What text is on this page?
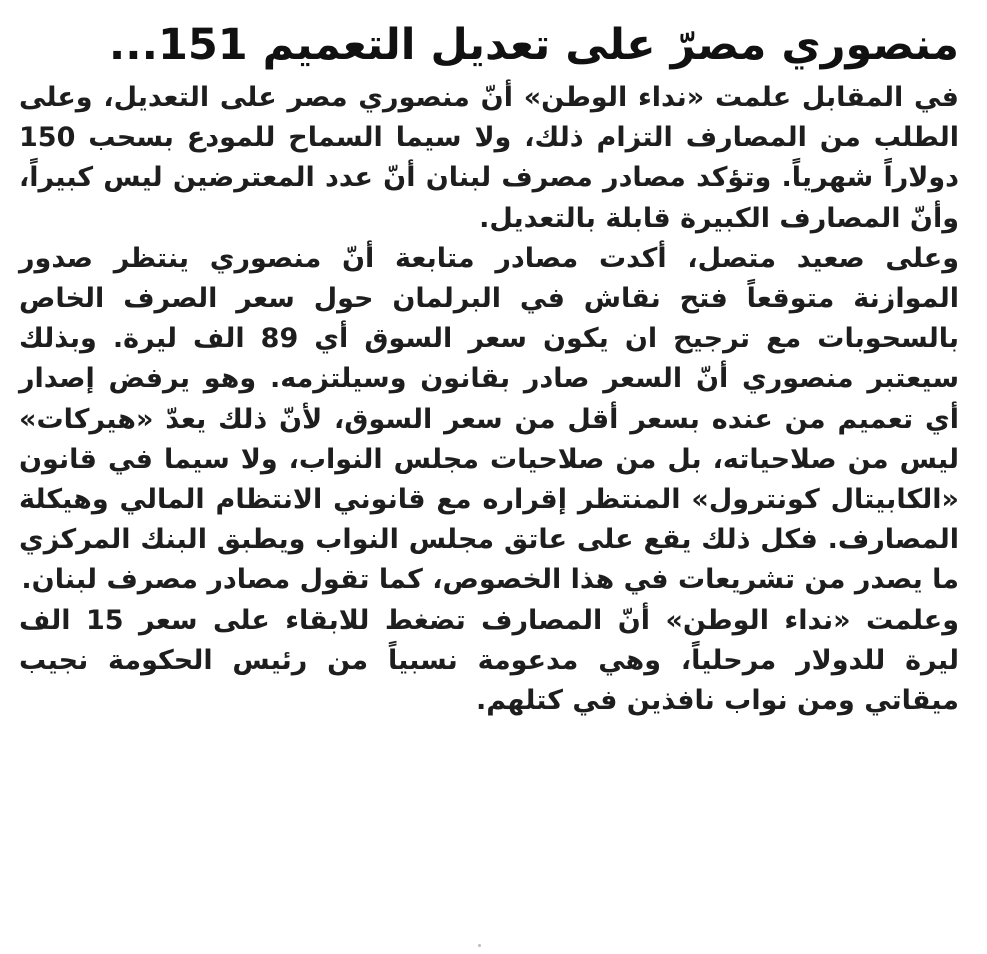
منصوري مصرّ على تعديل التعميم 151...

في المقابل علمت «نداء الوطن» أنّ منصوري مصر على التعديل، وعلى الطلب من المصارف التزام ذلك، ولا سيما السماح للمودع بسحب 150 دولاراً شهرياً. وتؤكد مصادر مصرف لبنان أنّ عدد المعترضين ليس كبيراً، وأنّ المصارف الكبيرة قابلة بالتعديل.

وعلى صعيد متصل، أكدت مصادر متابعة أنّ منصوري ينتظر صدور الموازنة متوقعاً فتح نقاش في البرلمان حول سعر الصرف الخاص بالسحوبات مع ترجيح ان يكون سعر السوق أي 89 الف ليرة. وبذلك سيعتبر منصوري أنّ السعر صادر بقانون وسيلتزمه. وهو يرفض إصدار أي تعميم من عنده بسعر أقل من سعر السوق، لأنّ ذلك يعدّ «هيركات» ليس من صلاحياته، بل من صلاحيات مجلس النواب، ولا سيما في قانون «الكابيتال كونترول» المنتظر إقراره مع قانوني الانتظام المالي وهيكلة المصارف. فكل ذلك يقع على عاتق مجلس النواب ويطبق البنك المركزي ما يصدر من تشريعات في هذا الخصوص، كما تقول مصادر مصرف لبنان.

وعلمت «نداء الوطن» أنّ المصارف تضغط للابقاء على سعر 15 الف ليرة للدولار مرحلياً، وهي مدعومة نسبياً من رئيس الحكومة نجيب ميقاتي ومن نواب نافذين في كتلهم.
